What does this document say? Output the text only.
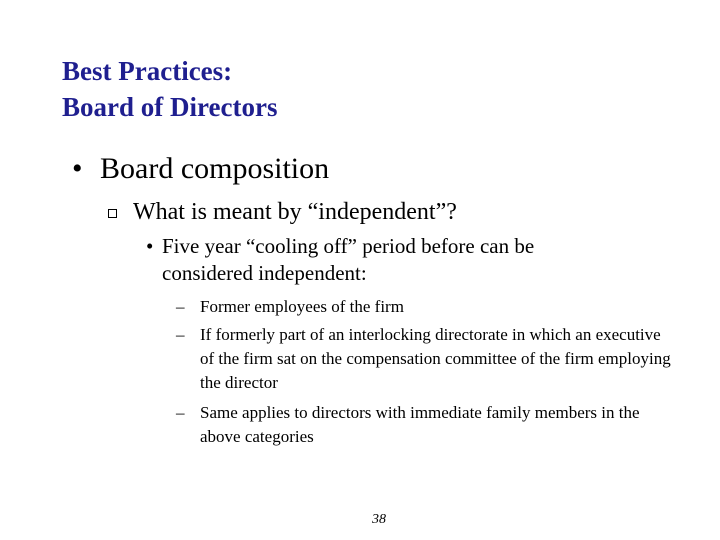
Best Practices:
Board of Directors
• Board composition
What is meant by “independent”?
• Five year “cooling off” period before can be considered independent:
– Former employees of the firm
– If formerly part of an interlocking directorate in which an executive of the firm sat on the compensation committee of the firm employing the director
– Same applies to directors with immediate family members in the above categories
38
